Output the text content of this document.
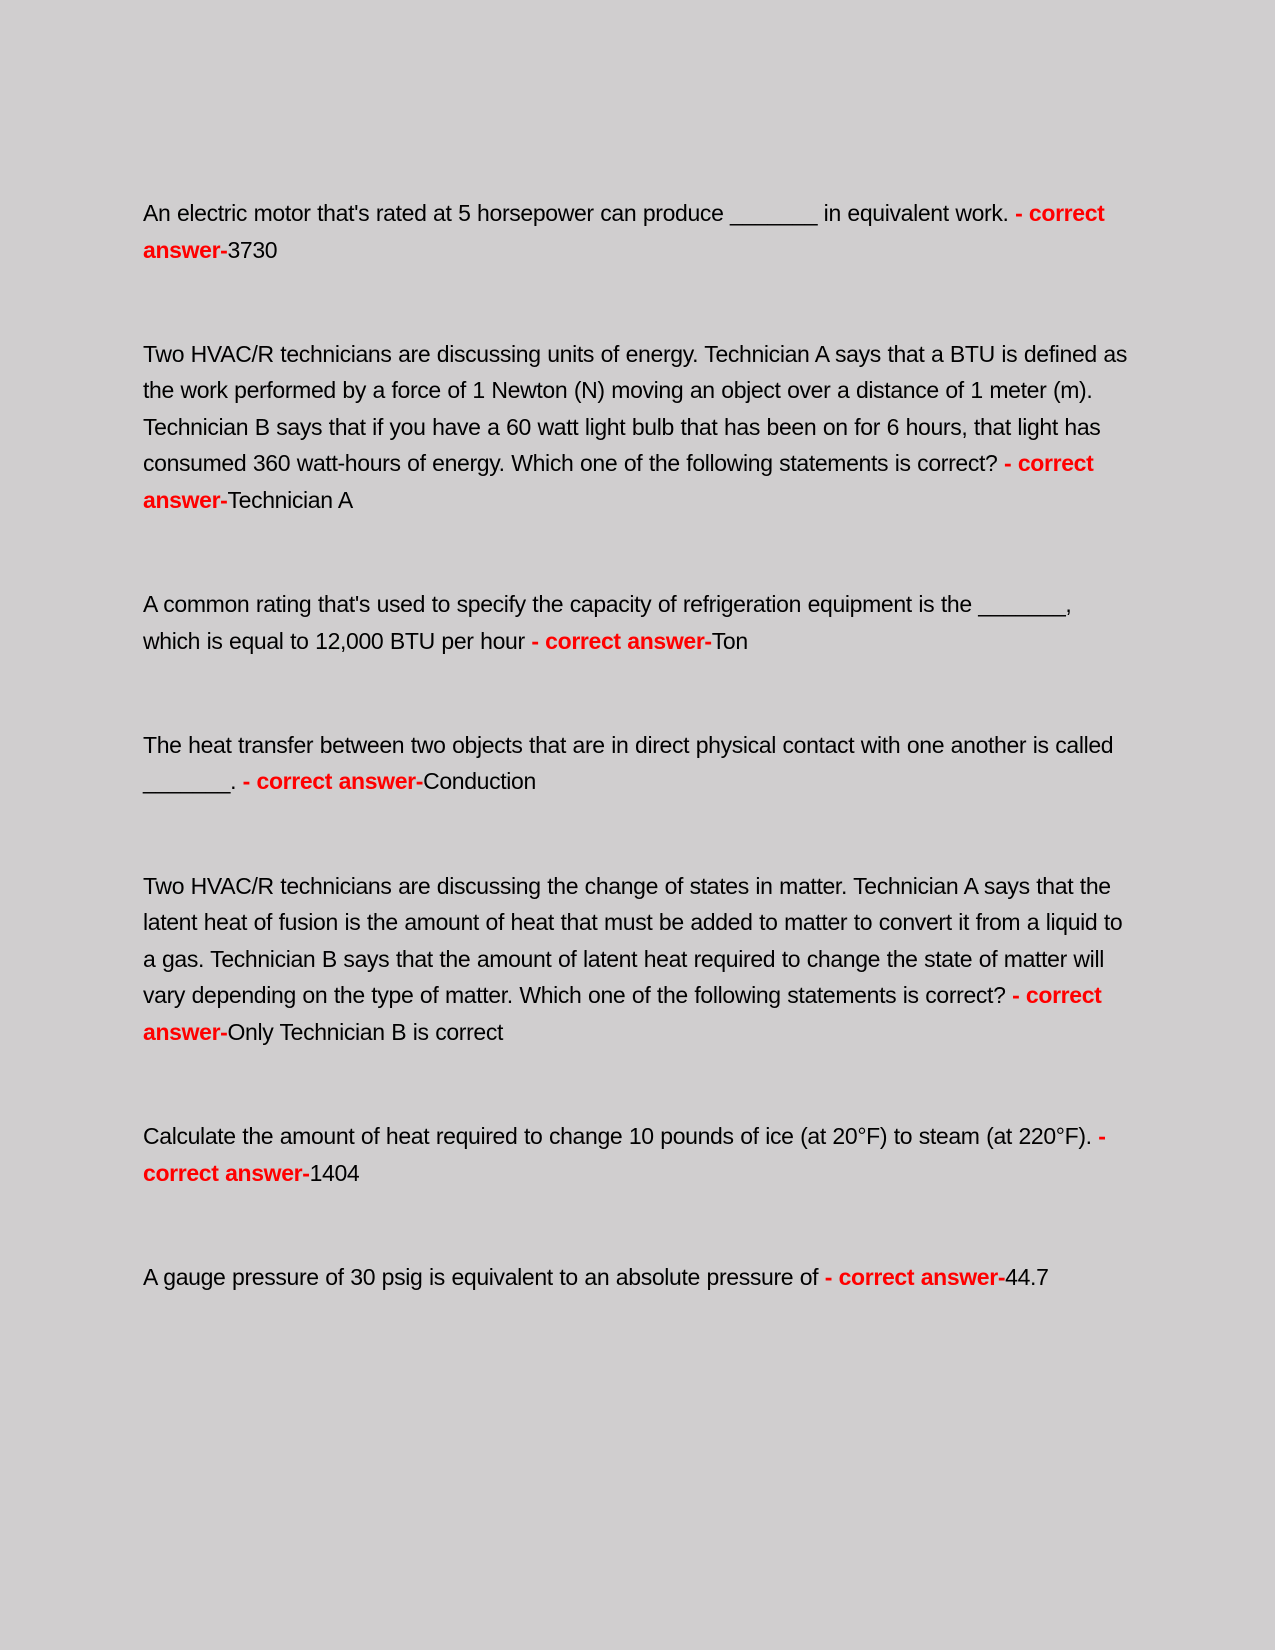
An electric motor that's rated at 5 horsepower can produce _______ in equivalent work. - correct answer-3730

Two HVAC/R technicians are discussing units of energy. Technician A says that a BTU is defined as the work performed by a force of 1 Newton (N) moving an object over a distance of 1 meter (m). Technician B says that if you have a 60 watt light bulb that has been on for 6 hours, that light has consumed 360 watt-hours of energy. Which one of the following statements is correct? - correct answer-Technician A

A common rating that's used to specify the capacity of refrigeration equipment is the _______, which is equal to 12,000 BTU per hour - correct answer-Ton

The heat transfer between two objects that are in direct physical contact with one another is called _______. - correct answer-Conduction

Two HVAC/R technicians are discussing the change of states in matter. Technician A says that the latent heat of fusion is the amount of heat that must be added to matter to convert it from a liquid to a gas. Technician B says that the amount of latent heat required to change the state of matter will vary depending on the type of matter. Which one of the following statements is correct? - correct answer-Only Technician B is correct

Calculate the amount of heat required to change 10 pounds of ice (at 20°F) to steam (at 220°F). - correct answer-1404

A gauge pressure of 30 psig is equivalent to an absolute pressure of - correct answer-44.7
